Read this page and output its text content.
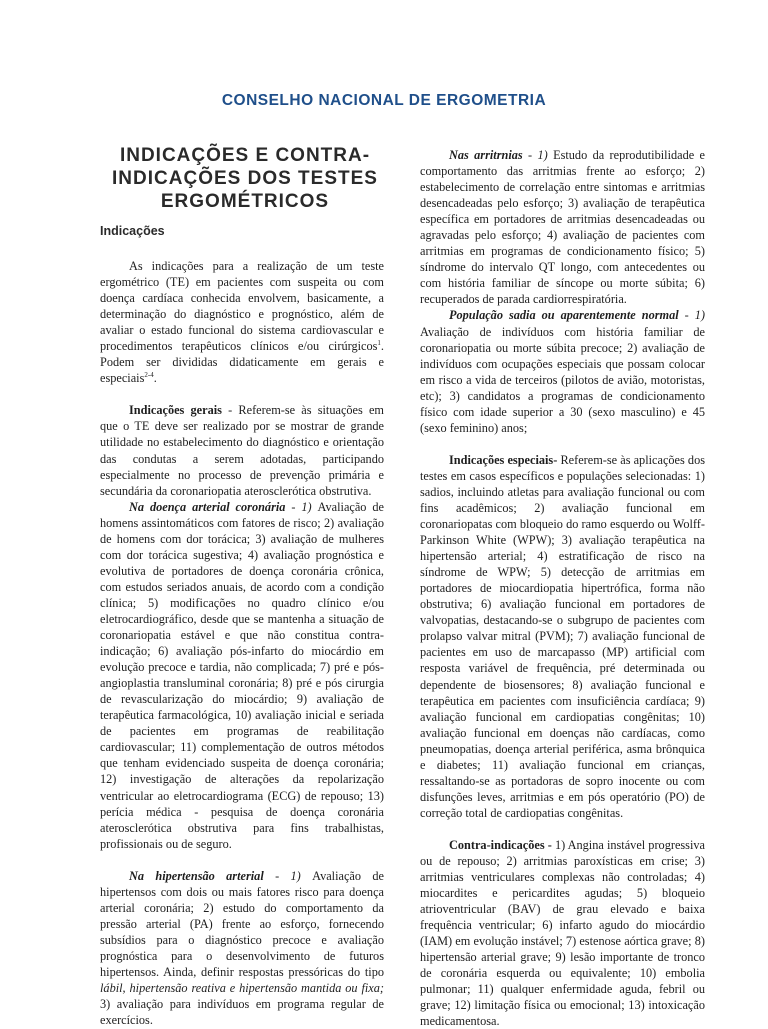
CONSELHO NACIONAL DE ERGOMETRIA
INDICAÇÕES E CONTRA-
INDICAÇÕES DOS TESTES
ERGOMÉTRICOS
Indicações

As indicações para a realização de um teste ergométrico (TE) em pacientes com suspeita ou com doença cardíaca conhecida envolvem, basicamente, a determinação do diagnóstico e prognóstico, além de avaliar o estado funcional do sistema cardiovascular e procedimentos terapêuticos clínicos e/ou cirúrgicos$^1$. Podem ser divididas didaticamente em gerais e especiais$^{2-4}$.

Indicações gerais - Referem-se às situações em que o TE deve ser realizado por se mostrar de grande utilidade no estabelecimento do diagnóstico e orientação das condutas a serem adotadas, participando especialmente no processo de prevenção primária e secundária da coronariopatia aterosclerótica obstrutiva.

Na doença arterial coronária - 1) Avaliação de homens assintomáticos com fatores de risco; 2) avaliação de homens com dor torácica; 3) avaliação de mulheres com dor torácica sugestiva; 4) avaliação prognóstica e evolutiva de portadores de doença coronária crônica, com estudos seriados anuais, de acordo com a condição clínica; 5) modificações no quadro clínico e/ou eletrocardiográfico, desde que se mantenha a situação de coronariopatia estável e que não constitua contra-indicação; 6) avaliação pós-infarto do miocárdio em evolução precoce e tardia, não complicada; 7) pré e pós-angioplastia transluminal coronária; 8) pré e pós cirurgia de revascularização do miocárdio; 9) avaliação de terapêutica farmacológica, 10) avaliação inicial e seriada de pacientes em programas de reabilitação cardiovascular; 11) complementação de outros métodos que tenham evidenciado suspeita de doença coronária; 12) investigação de alterações da repolarização ventricular ao eletrocardiograma (ECG) de repouso; 13) perícia médica - pesquisa de doença coronária aterosclerótica obstrutiva para fins trabalhistas, profissionais ou de seguro.

Na hipertensão arterial - 1) Avaliação de hipertensos com dois ou mais fatores risco para doença arterial coronária; 2) estudo do comportamento da pressão arterial (PA) frente ao esforço, fornecendo subsídios para o diagnóstico precoce e avaliação prognóstica para o desenvolvimento de futuros hipertensos. Ainda, definir respostas pressóricas do tipo lábil, hipertensão reativa e hipertensão mantida ou fixa; 3) avaliação para indivíduos em programa regular de exercícios.

Nas arritrnias - 1) Estudo da reprodutibilidade e comportamento das arritmias frente ao esforço; 2) estabelecimento de correlação entre sintomas e arritmias desencadeadas pelo esforço; 3) avaliação de terapêutica específica em portadores de arritmias desencadeadas ou agravadas pelo esforço; 4) avaliação de pacientes com arritmias em programas de condicionamento físico; 5) síndrome do intervalo QT longo, com antecedentes ou com história familiar de síncope ou morte súbita; 6) recuperados de parada cardiorrespiratória.

População sadia ou aparentemente normal - 1) Avaliação de indivíduos com história familiar de coronariopatia ou morte súbita precoce; 2) avaliação de indivíduos com ocupações especiais que possam colocar em risco a vida de terceiros (pilotos de avião, motoristas, etc); 3) candidatos a programas de condicionamento físico com idade superior a 30 (sexo masculino) e 45 (sexo feminino) anos;

Indicações especiais- Referem-se às aplicações dos testes em casos específicos e populações selecionadas: 1) sadios, incluindo atletas para avaliação funcional ou com fins acadêmicos; 2) avaliação funcional em coronariopatas com bloqueio do ramo esquerdo ou Wolff-Parkinson White (WPW); 3) avaliação terapêutica na hipertensão arterial; 4) estratificação de risco na síndrome de WPW; 5) detecção de arritmias em portadores de miocardiopatia hipertrófica, forma não obstrutiva; 6) avaliação funcional em portadores de valvopatias, destacando-se o subgrupo de pacientes com prolapso valvar mitral (PVM); 7) avaliação funcional de pacientes em uso de marcapasso (MP) artificial com resposta variável de frequência, pré determinada ou dependente de biosensores; 8) avaliação funcional e terapêutica em pacientes com insuficiência cardíaca; 9) avaliação funcional em cardiopatias congênitas; 10) avaliação funcional em doenças não cardíacas, como pneumopatias, doença arterial periférica, asma brônquica e diabetes; 11) avaliação funcional em crianças, ressaltando-se as portadoras de sopro inocente ou com disfunções leves, arritmias e em pós operatório (PO) de correção total de cardiopatias congênitas.

Contra-indicações - 1) Angina instável progressiva ou de repouso; 2) arritmias paroxísticas em crise; 3) arritmias ventriculares complexas não controladas; 4) miocardites e pericardites agudas; 5) bloqueio atrioventricular (BAV) de grau elevado e baixa frequência ventricular; 6) infarto agudo do miocárdio (IAM) em evolução instável; 7) estenose aórtica grave; 8) hipertensão arterial grave; 9) lesão importante de tronco de coronária esquerda ou equivalente; 10) embolia pulmonar; 11) qualquer enfermidade aguda, febril ou grave; 12) limitação física ou emocional; 13) intoxicação medicamentosa.
